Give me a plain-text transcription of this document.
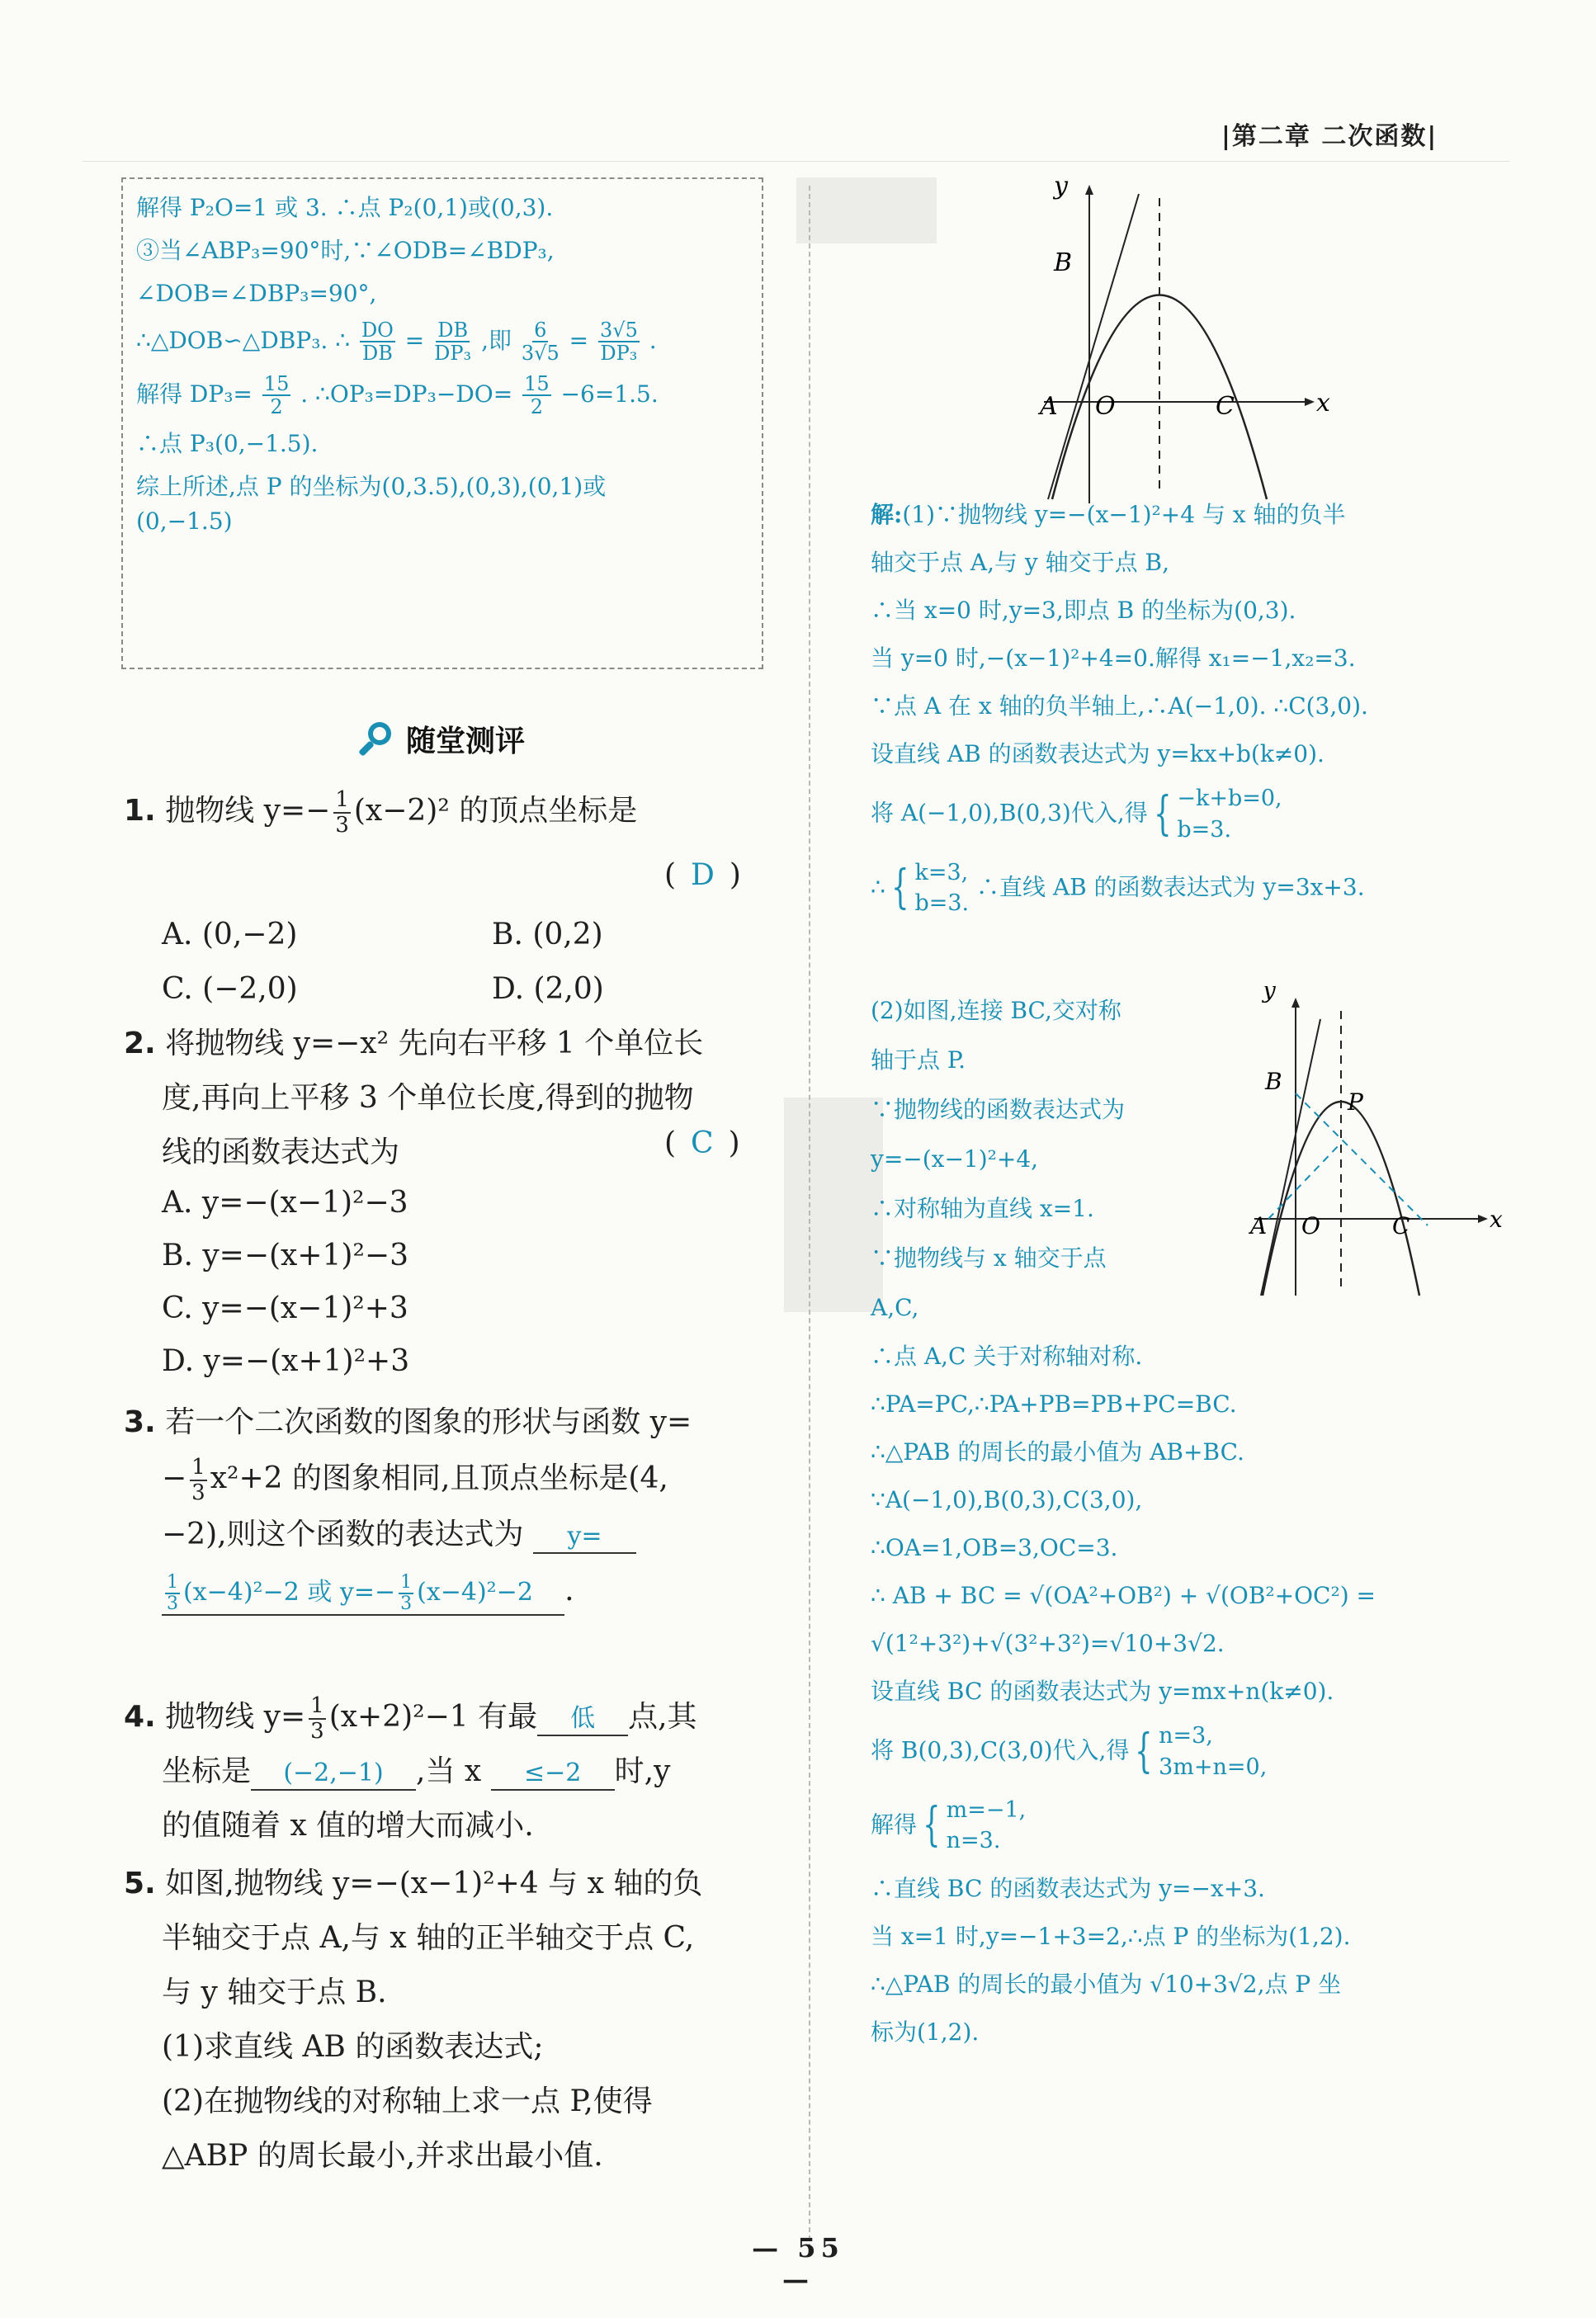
|第二章 二次函数|
解得 P₂O=1 或 3. ∴点 P₂(0,1)或(0,3).
③当∠ABP₃=90°时,∵∠ODB=∠BDP₃,
∠DOB=∠DBP₃=90°,
∴△DOB∽△DBP₃. ∴ $\frac{DO}{DB} = \frac{DB}{\text{DP₃}}$ ,即 $\frac{6}{3√5} = \frac{3√5}{\text{DP₃}}$ .
解得 $DP_3= \frac{15}{2}$ . ∴OP₃=DP₃−DO= $\frac{15}{2} -6=1.5$.
∴点 P₃(0,−1.5).
综上所述,点 P 的坐标为(0,3.5),(0,3),(0,1)或
(0,−1.5)
随堂测评
1. 抛物线 $y=- \frac{1}{3} (x-2)^2$ 的顶点坐标是
( D )
A. (0,−2)	B. (0,2)
C. (−2,0)	D. (2,0)
2. 将抛物线 y=−x² 先向右平移 1 个单位长
度,再向上平移 3 个单位长度,得到的抛物
线的函数表达式为	( C )
A. y=−(x−1)²−3
B. y=−(x+1)²−3
C. y=−(x−1)²+3
D. y=−(x+1)²+3
3. 若一个二次函数的图象的形状与函数 y=
− $\frac{1}{3} x^2+2$ 的图象相同,且顶点坐标是(4,
−2),则这个函数的表达式为 y=
$\frac{1}{3} (x-4)^2-2$ 或 $y=- \frac{1}{3} (x-4)^2-2$ .
4. 抛物线 $y= \frac{1}{3} (x+2)^2-1$ 有最 低 点,其
坐标是 (−2,−1) ,当 x ≤−2 时,y
的值随着 x 值的增大而减小.
5. 如图,抛物线 y=−(x−1)²+4 与 x 轴的负
半轴交于点 A,与 x 轴的正半轴交于点 C,
与 y 轴交于点 B.
(1)求直线 AB 的函数表达式;
(2)在抛物线的对称轴上求一点 P,使得
△ABP 的周长最小,并求出最小值.
y
x
B
A O	C
解:(1)∵抛物线 y=−(x−1)²+4 与 x 轴的负半
轴交于点 A,与 y 轴交于点 B,
∴当 x=0 时,y=3,即点 B 的坐标为(0,3).
当 y=0 时,−(x−1)²+4=0.解得 x₁=−1,x₂=3.
∵点 A 在 x 轴的负半轴上,∴A(−1,0). ∴C(3,0).
设直线 AB 的函数表达式为 y=kx+b(k≠0).
将 A(−1,0),B(0,3)代入,得 { −k+b=0,
b=3.
∴ { k=3,
b=3.
∴直线 AB 的函数表达式为 y=3x+3.
(2)如图,连接 BC,交对称
轴于点 P.
∵抛物线的函数表达式为
y=−(x−1)²+4,
∴对称轴为直线 x=1.
∵抛物线与 x 轴交于点
A,C,
y
x
B
P
A O	C
∴点 A,C 关于对称轴对称.
∴PA=PC,∴PA+PB=PB+PC=BC.
∴△PAB 的周长的最小值为 AB+BC.
∵A(−1,0),B(0,3),C(3,0),
∴OA=1,OB=3,OC=3.
∴ AB + BC = √(OA²+OB²) + √(OB²+OC²) =
√(1²+3²)+√(3²+3²)=√10+3√2.
设直线 BC 的函数表达式为 y=mx+n(k≠0).
将 B(0,3),C(3,0)代入,得 { n=3,
3m+n=0,
解得 { m=−1,
n=3.
∴直线 BC 的函数表达式为 y=−x+3.
当 x=1 时,y=−1+3=2,∴点 P 的坐标为(1,2).
∴△PAB 的周长的最小值为 √10+3√2,点 P 坐
标为(1,2).
— 55 —
